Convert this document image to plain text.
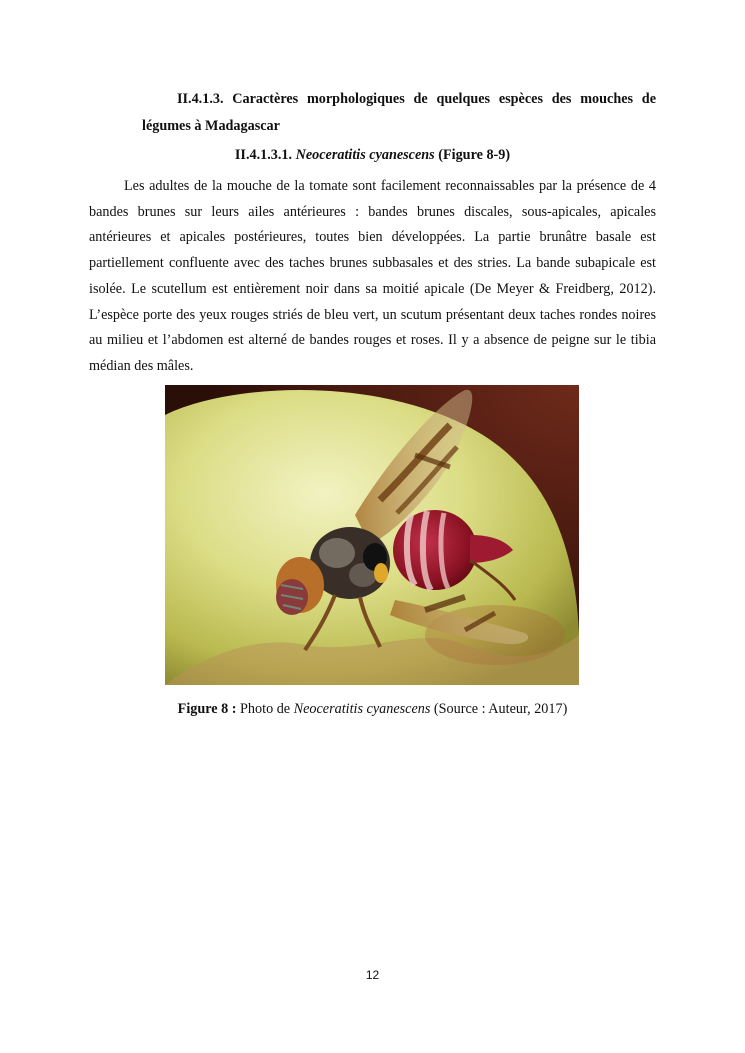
II.4.1.3. Caractères morphologiques de quelques espèces des mouches de légumes à Madagascar
II.4.1.3.1. Neoceratitis cyanescens (Figure 8-9)
Les adultes de la mouche de la tomate sont facilement reconnaissables par la présence de 4 bandes brunes sur leurs ailes antérieures : bandes brunes discales, sous-apicales, apicales antérieures et apicales postérieures, toutes bien développées. La partie brunâtre basale est partiellement confluente avec des taches brunes subbasales et des stries. La bande subapicale est isolée. Le scutellum est entièrement noir dans sa moitié apicale (De Meyer & Freidberg, 2012). L’espèce porte des yeux rouges striés de bleu vert, un scutum présentant deux taches rondes noires au milieu et l’abdomen est alterné de bandes rouges et roses. Il y a absence de peigne sur le tibia médian des mâles.
Figure 8 : Photo de Neoceratitis cyanescens (Source : Auteur, 2017)
12
